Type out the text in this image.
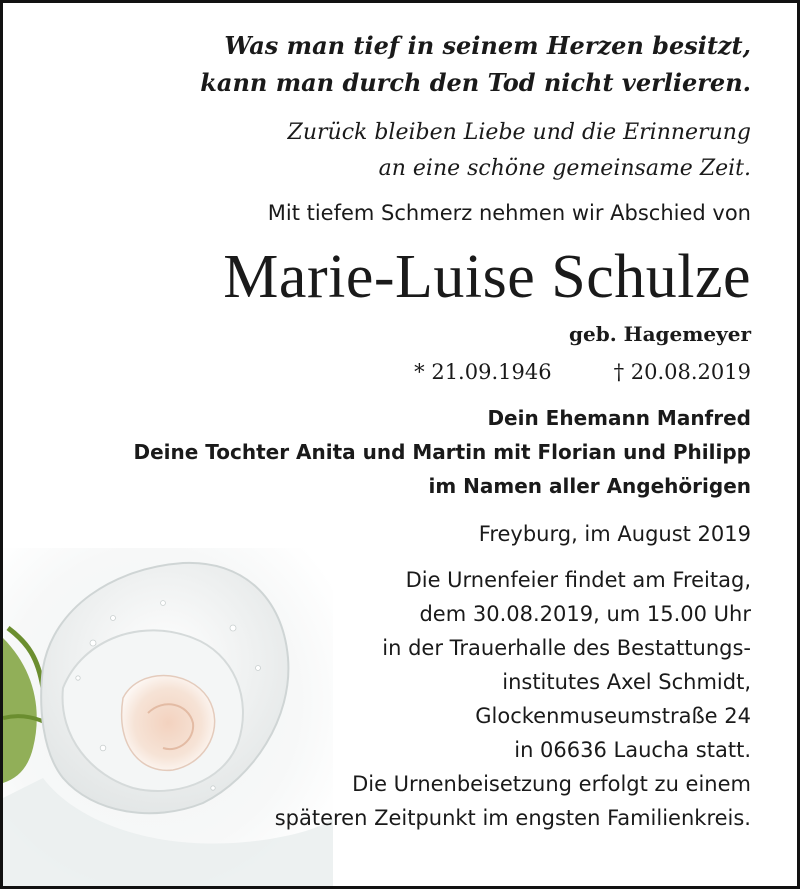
Was man tief in seinem Herzen besitzt,
kann man durch den Tod nicht verlieren.
Zurück bleiben Liebe und die Erinnerung
an eine schöne gemeinsame Zeit.
Mit tiefem Schmerz nehmen wir Abschied von
Marie-Luise Schulze
geb. Hagemeyer
* 21.09.1946	† 20.08.2019
Dein Ehemann Manfred
Deine Tochter Anita und Martin mit Florian und Philipp
im Namen aller Angehörigen
Freyburg, im August 2019
Die Urnenfeier findet am Freitag,
dem 30.08.2019, um 15.00 Uhr
in der Trauerhalle des Bestattungs-
institutes Axel Schmidt,
Glockenmuseumstraße 24
in 06636 Laucha statt.
Die Urnenbeisetzung erfolgt zu einem
späteren Zeitpunkt im engsten Familienkreis.
